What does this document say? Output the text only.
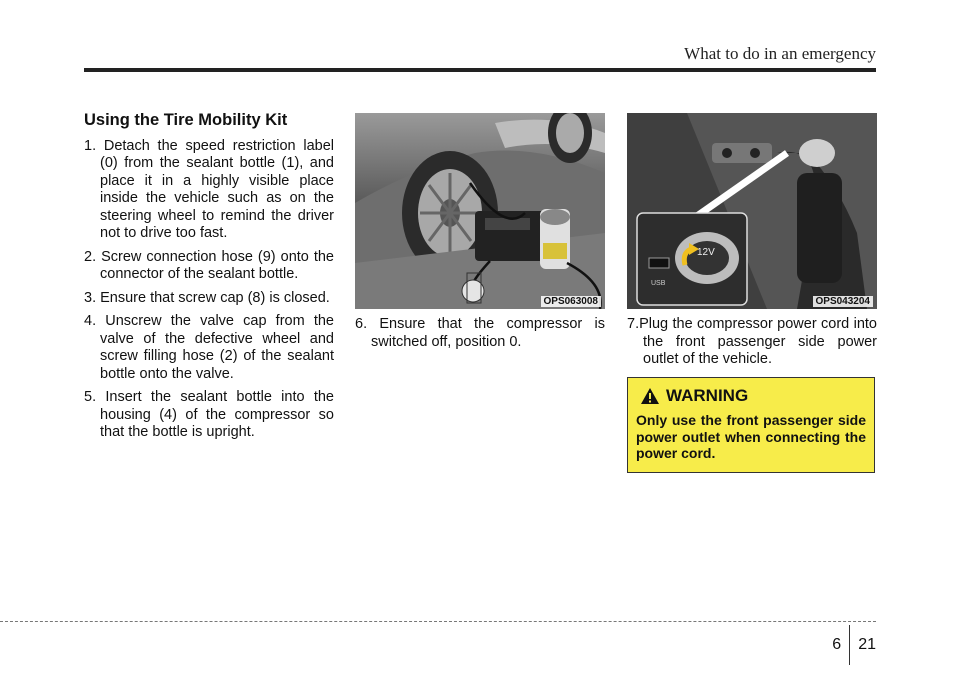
What to do in an emergency
Using the Tire Mobility Kit

1. Detach the speed restriction label (0) from the sealant bottle (1), and place it in a highly visible place inside the vehicle such as on the steering wheel to remind the driver not to drive too fast.

2. Screw connection hose (9) onto the connector of the sealant bottle.

3. Ensure that screw cap (8) is closed.

4. Unscrew the valve cap from the valve of the defective wheel and screw filling hose (2) of the sealant bottle onto the valve.

5. Insert the sealant bottle into the housing (4) of the compressor so that the bottle is upright.

OPS063008
12V
USB
OPS043204

6. Ensure that the compressor is switched off, position 0.

7.Plug the compressor power cord into the front passenger side power outlet of the vehicle.

WARNING
Only use the front passenger side power outlet when connecting the power cord.
6 21
